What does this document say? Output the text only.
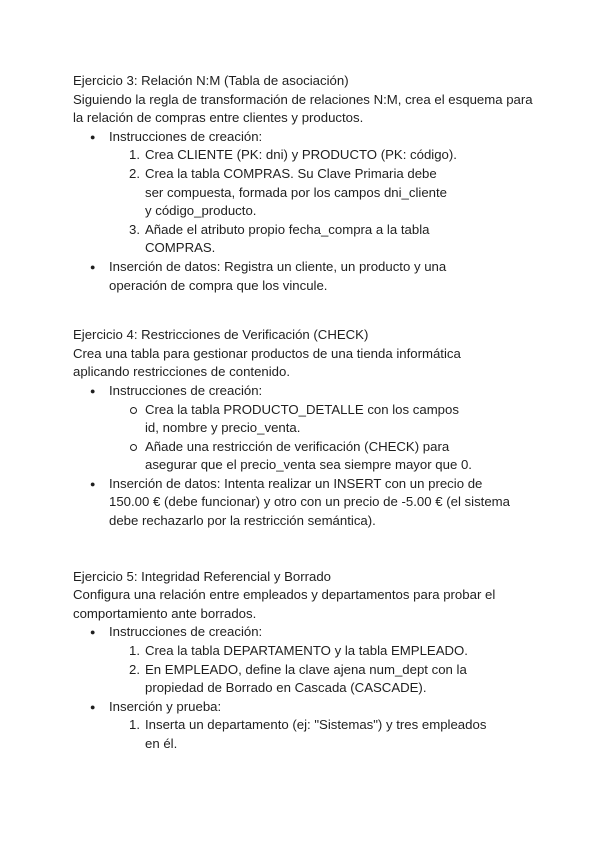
Ejercicio 3: Relación N:M (Tabla de asociación)
Siguiendo la regla de transformación de relaciones N:M, crea el esquema para la relación de compras entre clientes y productos.
● Instrucciones de creación:
1. Crea CLIENTE (PK: dni) y PRODUCTO (PK: código).
2. Crea la tabla COMPRAS. Su Clave Primaria debe ser compuesta, formada por los campos dni_cliente y código_producto.
3. Añade el atributo propio fecha_compra a la tabla COMPRAS.
● Inserción de datos: Registra un cliente, un producto y una operación de compra que los vincule.
Ejercicio 4: Restricciones de Verificación (CHECK)
Crea una tabla para gestionar productos de una tienda informática aplicando restricciones de contenido.
● Instrucciones de creación:
Crea la tabla PRODUCTO_DETALLE con los campos id, nombre y precio_venta.
Añade una restricción de verificación (CHECK) para asegurar que el precio_venta sea siempre mayor que 0.
● Inserción de datos: Intenta realizar un INSERT con un precio de 150.00 € (debe funcionar) y otro con un precio de -5.00 € (el sistema debe rechazarlo por la restricción semántica).
Ejercicio 5: Integridad Referencial y Borrado
Configura una relación entre empleados y departamentos para probar el comportamiento ante borrados.
● Instrucciones de creación:
1. Crea la tabla DEPARTAMENTO y la tabla EMPLEADO.
2. En EMPLEADO, define la clave ajena num_dept con la propiedad de Borrado en Cascada (CASCADE).
● Inserción y prueba:
1. Inserta un departamento (ej: "Sistemas") y tres empleados en él.
